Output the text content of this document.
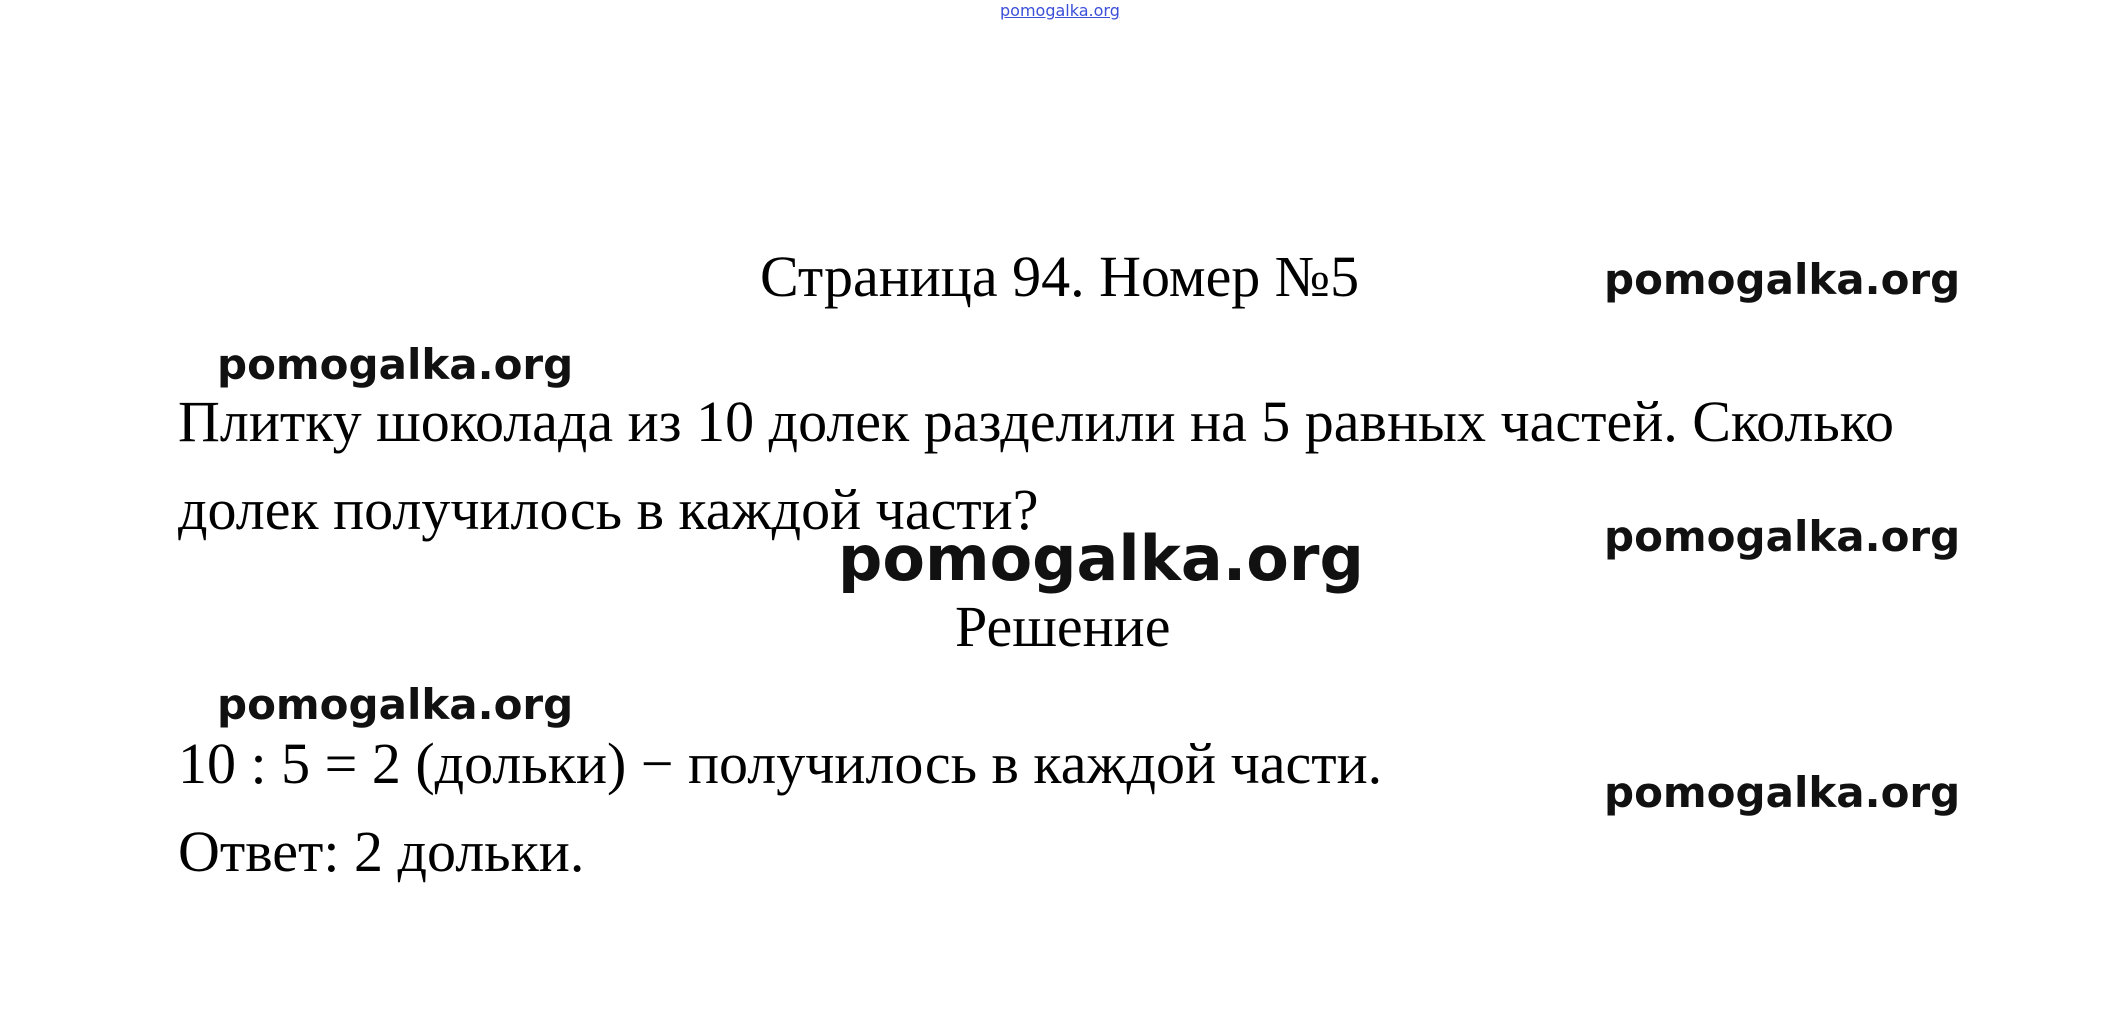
pomogalka.org
Страница 94. Номер №5	pomogalka.org
pomogalka.org
Плитку шоколада из 10 долек разделили на 5 равных частей. Сколько
долек получилось в каждой части?	pomogalka.org
pomogalka.org
Решение
pomogalka.org
10 : 5 = 2 (дольки) − получилось в каждой части.
Ответ: 2 дольки.
pomogalka.org
